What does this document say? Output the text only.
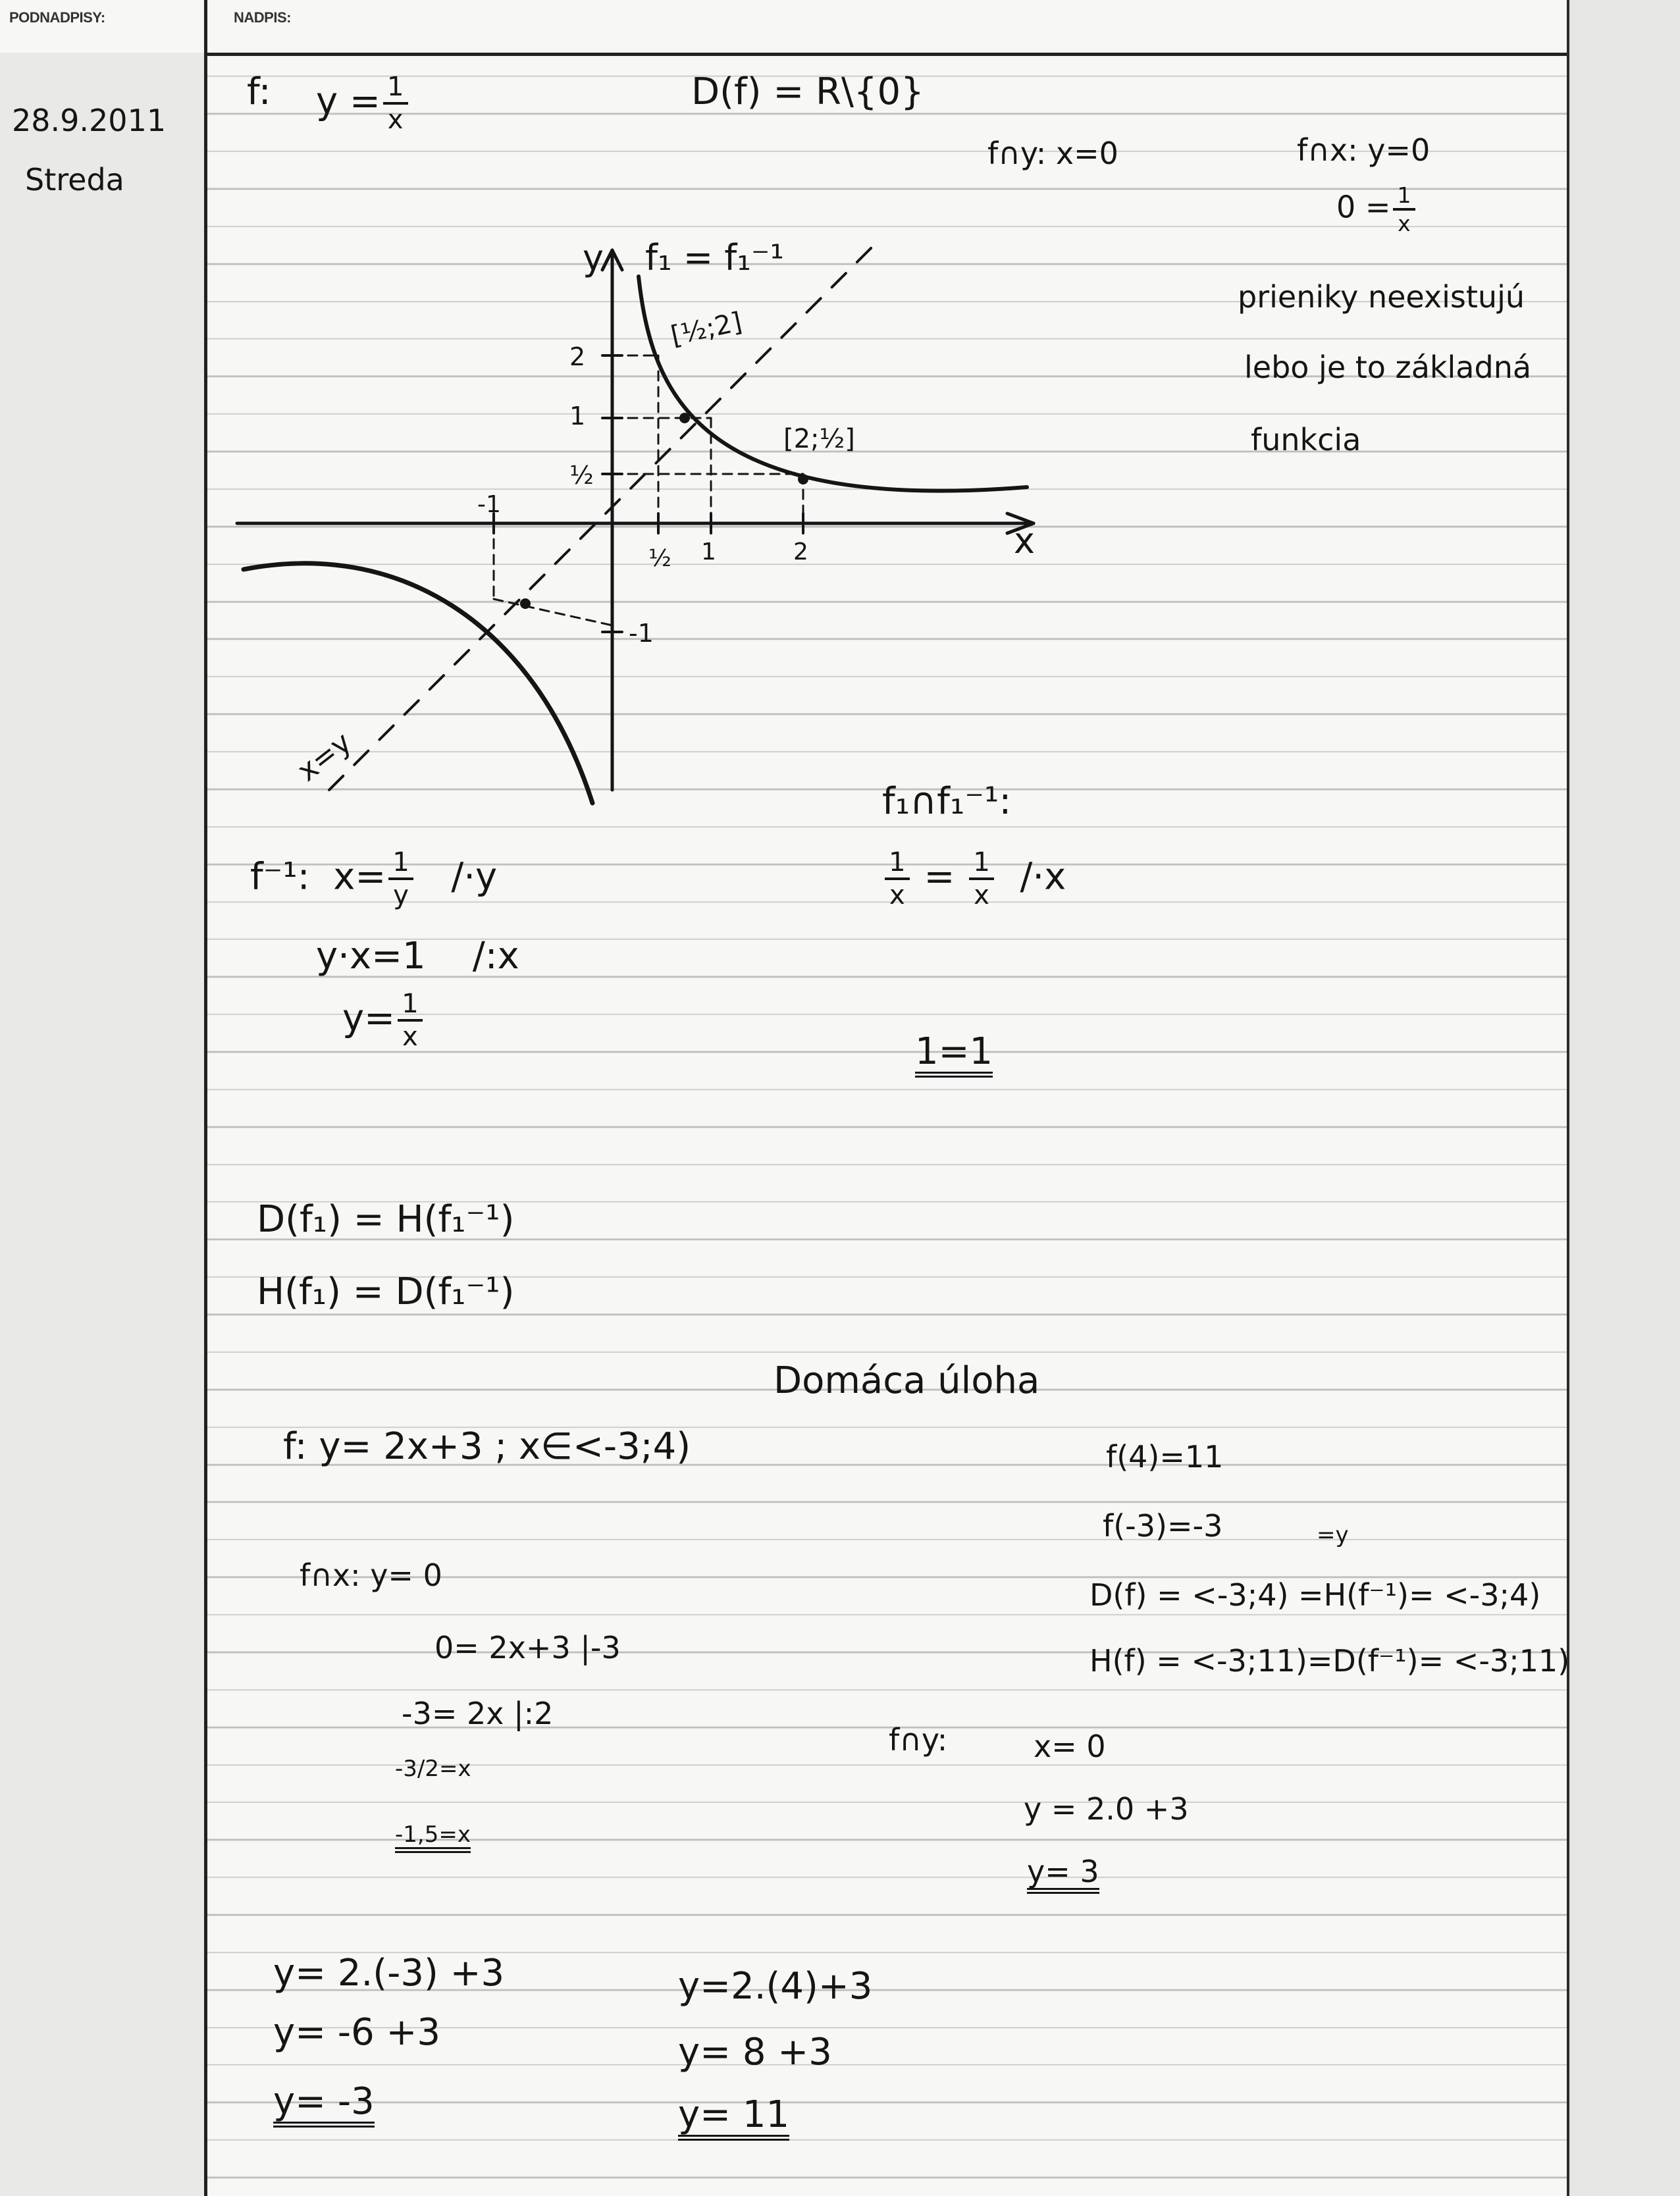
PODNADPISY:	NADPIS:
28.9.2011
Streda
f: $y = \frac{1}{x}$	D(f) = R\{0}
f∩y: x=0	f∩x: y=0
$0 = \frac{1}{x}$
prieniky neexistujú
lebo je to základná
funkcia
y
x
f₁ = f₁⁻¹
x=y
[½;2]
[2;½]
2
1
½
-1
½ 1	2
-1
f⁻¹: $x= \frac{1}{y} /\cdot y$
y·x=1 /:x
$y= \frac{1}{x}$
f₁∩f₁⁻¹:
$\frac{1}{x} = \frac{1}{x} /\cdot x$
1=1
D(f₁) = H(f₁⁻¹)
H(f₁) = D(f₁⁻¹)
Domáca úloha
f: y= 2x+3 ; x∈<-3;4)
f∩x: y= 0
0= 2x+3 |-3
-3= 2x |:2
-3/2=x
-1,5=x
f(4)=11
f(-3)=-3	=y
D(f) = <-3;4) =H(f⁻¹)= <-3;4)
H(f) = <-3;11)=D(f⁻¹)= <-3;11)
f∩y:	x= 0
y = 2.0 +3
y= 3
y= 2.(-3) +3
y= -6 +3
y= -3
y=2.(4)+3
y= 8 +3
y= 11
